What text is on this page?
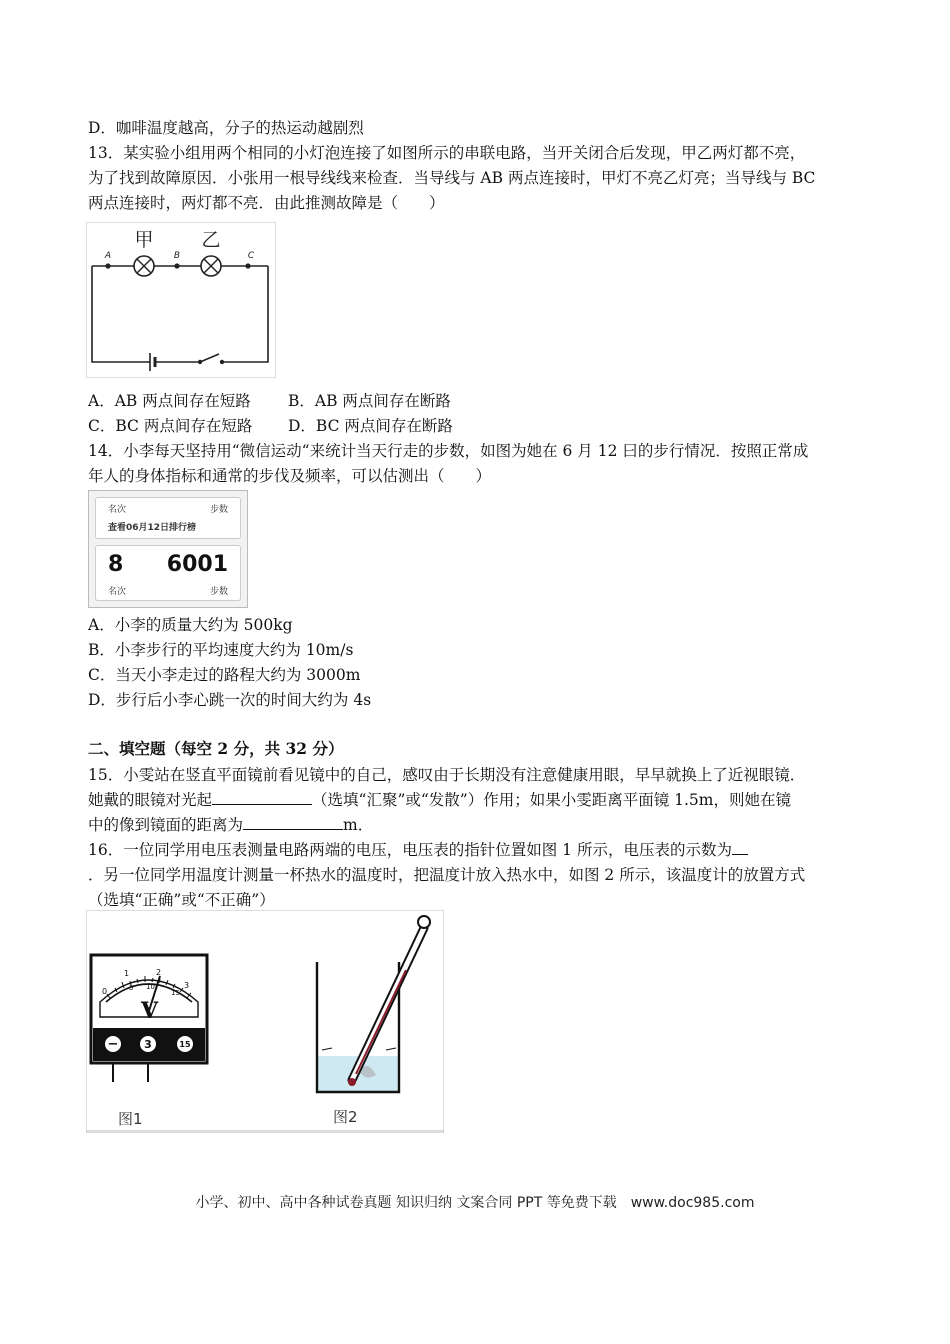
D．咖啡温度越高，分子的热运动越剧烈
13．某实验小组用两个相同的小灯泡连接了如图所示的串联电路，当开关闭合后发现，甲乙两灯都不亮，
为了找到故障原因．小张用一根导线线来检查．当导线与 AB 两点连接时，甲灯不亮乙灯亮；当导线与 BC
两点连接时，两灯都不亮．由此推测故障是（　　）
甲	乙
A	B	C
A．AB 两点间存在短路 B．AB 两点间存在断路
C．BC 两点间存在短路 D．BC 两点间存在断路
14．小李每天坚持用“微信运动“来统计当天行走的步数，如图为她在 6 月 12 曰的步行情况．按照正常成
年人的身体指标和通常的步伐及频率，可以估测出（　　）
名次	步数
查看06月12日排行榜
8 6001
名次	步数
A．小李的质量大约为 500kg
B．小李步行的平均速度大约为 10m/s
C．当天小李走过的路程大约为 3000m
D．步行后小李心跳一次的时间大约为 4s
二、填空题（每空 2 分，共 32 分）
15．小雯站在竖直平面镜前看见镜中的自己，感叹由于长期没有注意健康用眼，早早就换上了近视眼镜．
她戴的眼镜对光起	（选填“汇聚”或“发散”）作用；如果小雯距离平面镜 1.5m，则她在镜
中的像到镜面的距离为	m．
16．一位同学用电压表测量电路两端的电压，电压表的指针位置如图 1 所示，电压表的示数为
．另一位同学用温度计测量一杯热水的温度时，把温度计放入热水中，如图 2 所示，该温度计的放置方式
（选填“正确”或“不正确”）
0
1	2
3
5 10
15
V
− 3	15
图1	图2
小学、初中、高中各种试卷真题 知识归纳 文案合同 PPT 等免费下载　www.doc985.com
